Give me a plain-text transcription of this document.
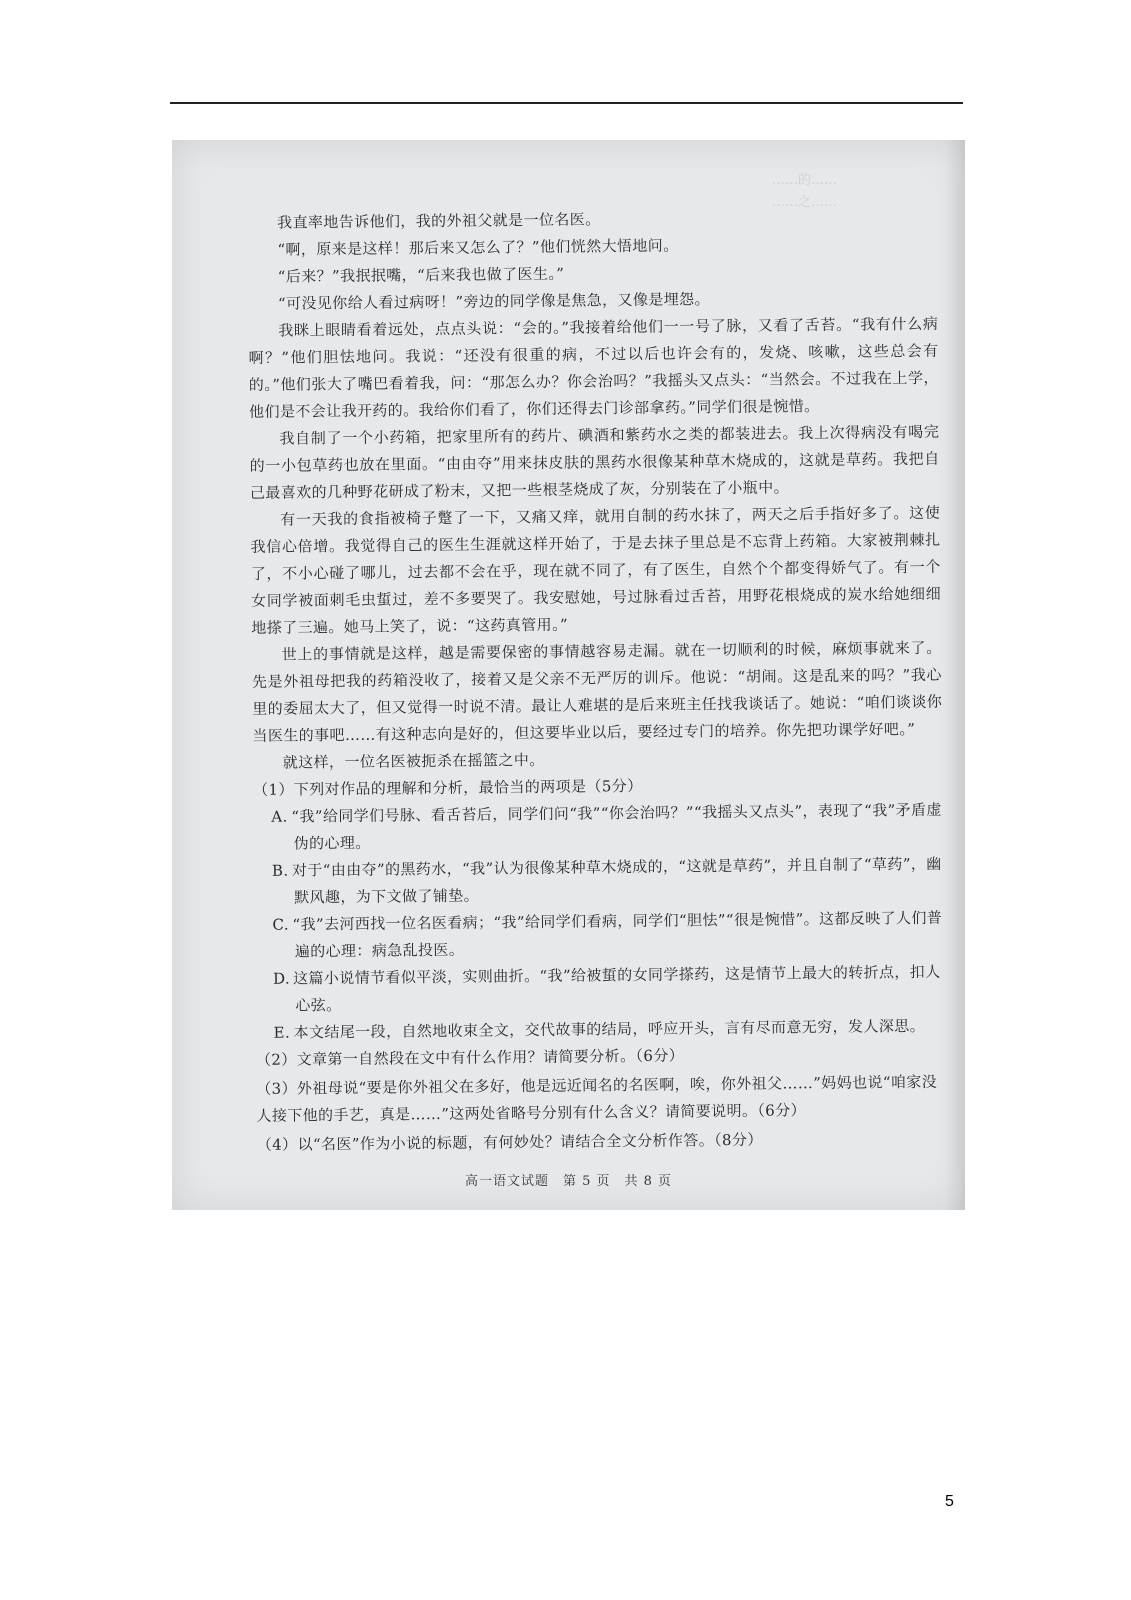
……的……
……之……

我直率地告诉他们，我的外祖父就是一位名医。

“啊，原来是这样！那后来又怎么了？”他们恍然大悟地问。

“后来？”我抿抿嘴，“后来我也做了医生。”

“可没见你给人看过病呀！”旁边的同学像是焦急，又像是埋怨。

我眯上眼睛看着远处，点点头说：“会的。”我接着给他们一一号了脉，又看了舌苔。“我有什么病啊？”他们胆怯地问。我说：“还没有很重的病，不过以后也许会有的，发烧、咳嗽，这些总会有的。”他们张大了嘴巴看着我，问：“那怎么办？你会治吗？”我摇头又点头：“当然会。不过我在上学，他们是不会让我开药的。我给你们看了，你们还得去门诊部拿药。”同学们很是惋惜。

我自制了一个小药箱，把家里所有的药片、碘酒和紫药水之类的都装进去。我上次得病没有喝完的一小包草药也放在里面。“由由夺”用来抹皮肤的黑药水很像某种草木烧成的，这就是草药。我把自己最喜欢的几种野花研成了粉末，又把一些根茎烧成了灰，分别装在了小瓶中。

有一天我的食指被椅子蹩了一下，又痛又痒，就用自制的药水抹了，两天之后手指好多了。这使我信心倍增。我觉得自己的医生生涯就这样开始了，于是去抹子里总是不忘背上药箱。大家被荆棘扎了，不小心碰了哪儿，过去都不会在乎，现在就不同了，有了医生，自然个个都变得娇气了。有一个女同学被面刺毛虫蜇过，差不多要哭了。我安慰她，号过脉看过舌苔，用野花根烧成的炭水给她细细地搽了三遍。她马上笑了，说：“这药真管用。”

世上的事情就是这样，越是需要保密的事情越容易走漏。就在一切顺利的时候，麻烦事就来了。先是外祖母把我的药箱没收了，接着又是父亲不无严厉的训斥。他说：“胡闹。这是乱来的吗？”我心里的委屈太大了，但又觉得一时说不清。最让人难堪的是后来班主任找我谈话了。她说：“咱们谈谈你当医生的事吧……有这种志向是好的，但这要毕业以后，要经过专门的培养。你先把功课学好吧。”

就这样，一位名医被扼杀在摇篮之中。

（1）下列对作品的理解和分析，最恰当的两项是（5分）
A. “我”给同学们号脉、看舌苔后，同学们问“我”“你会治吗？”“我摇头又点头”，表现了“我”矛盾虚伪的心理。
B. 对于“由由夺”的黑药水，“我”认为很像某种草木烧成的，“这就是草药”，并且自制了“草药”，幽默风趣，为下文做了铺垫。
C. “我”去河西找一位名医看病；“我”给同学们看病，同学们“胆怯”“很是惋惜”。这都反映了人们普遍的心理：病急乱投医。
D. 这篇小说情节看似平淡，实则曲折。“我”给被蜇的女同学搽药，这是情节上最大的转折点，扣人心弦。
E. 本文结尾一段，自然地收束全文，交代故事的结局，呼应开头，言有尽而意无穷，发人深思。
（2）文章第一自然段在文中有什么作用？请简要分析。（6分）
（3）外祖母说“要是你外祖父在多好，他是远近闻名的名医啊，唉，你外祖父……”妈妈也说“咱家没人接下他的手艺，真是……”这两处省略号分别有什么含义？请简要说明。（6分）
（4）以“名医”作为小说的标题，有何妙处？请结合全文分析作答。（8分）
高一语文试题　第 5 页　共 8 页
5
